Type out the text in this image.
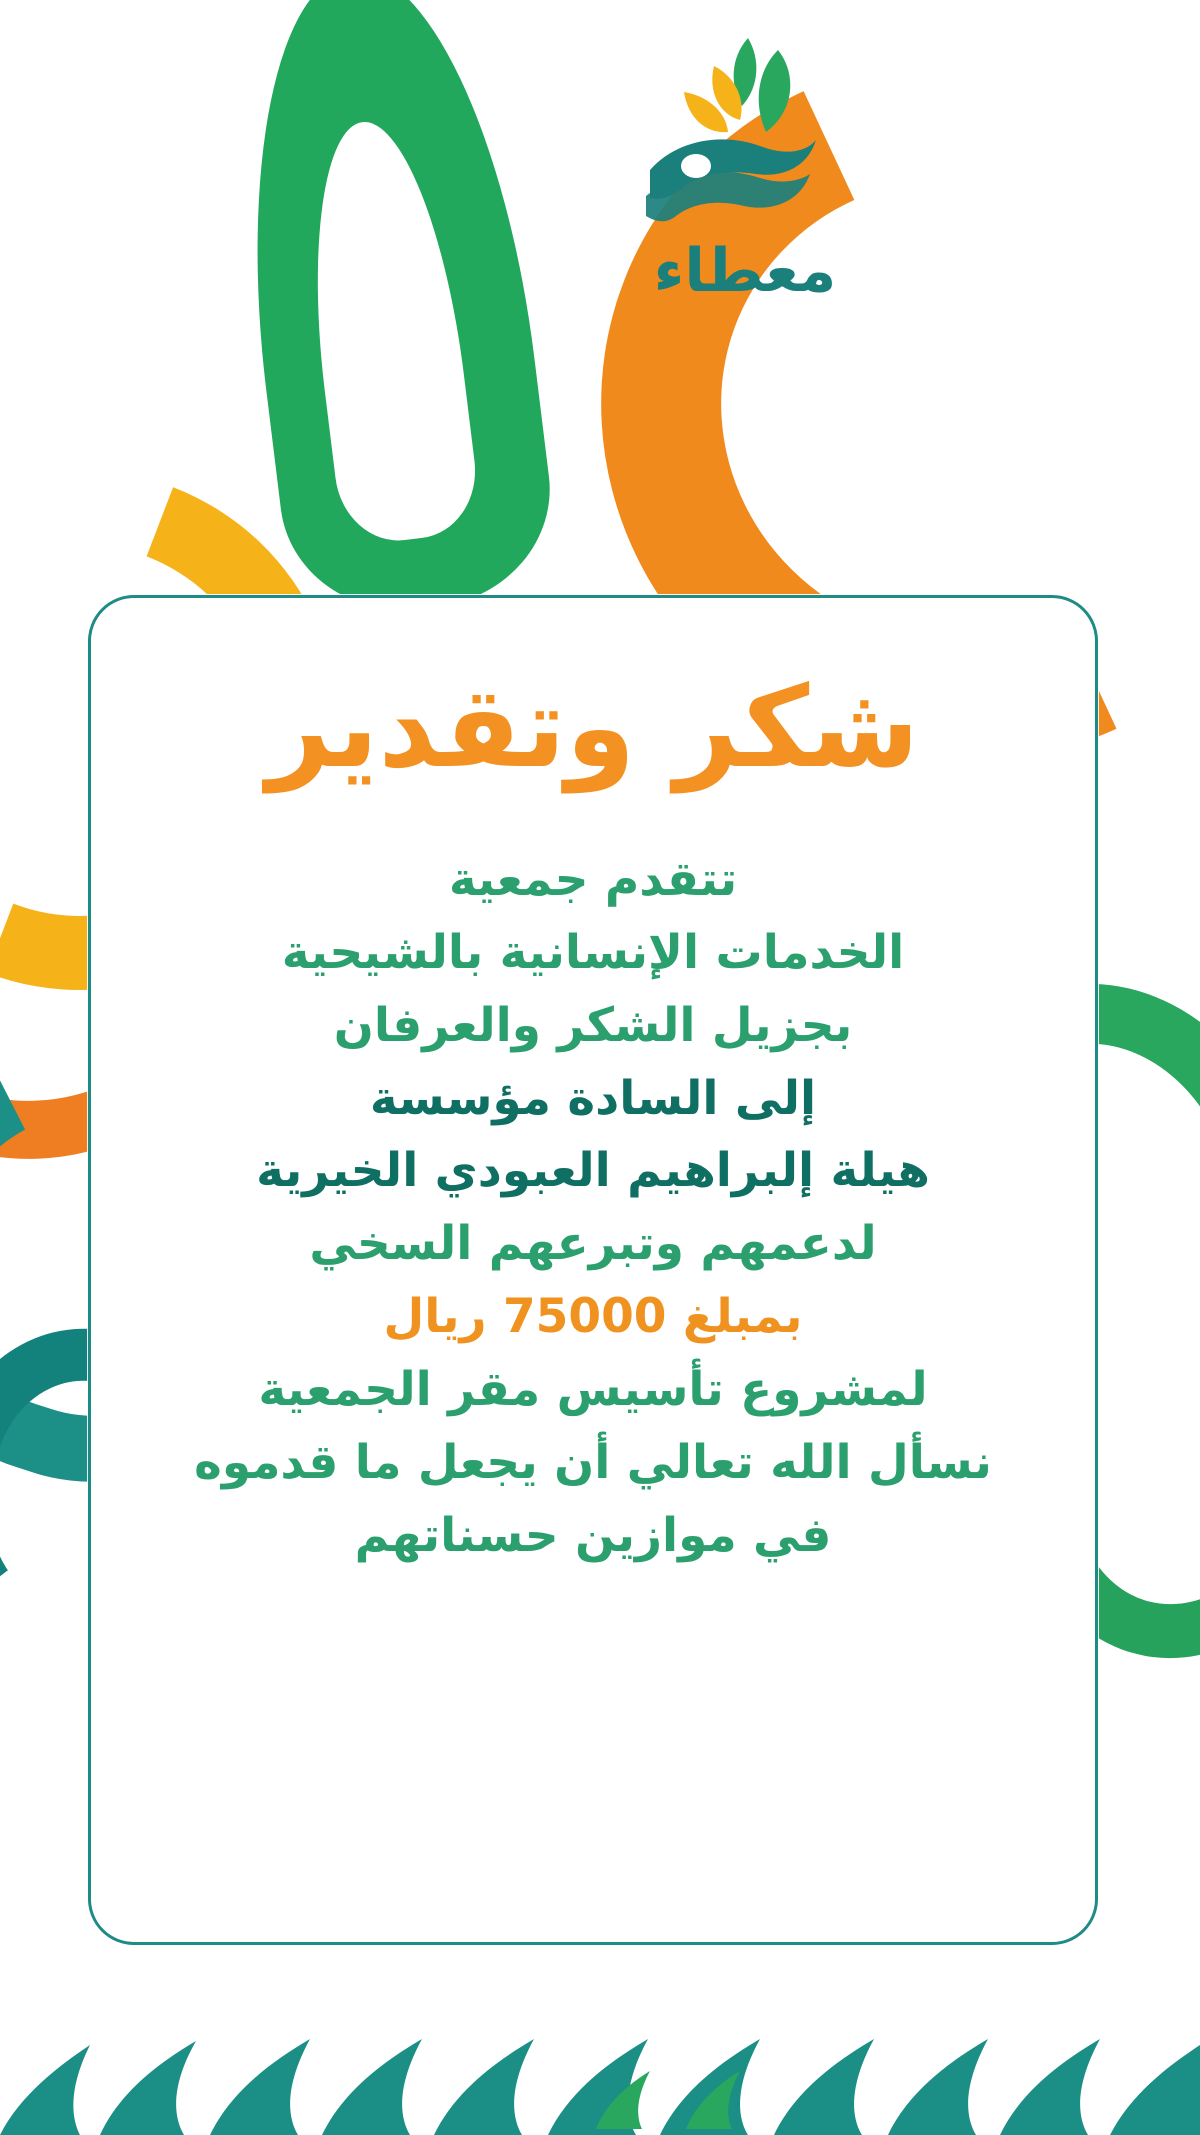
معطاء
شكر وتقدير
تتقدم جمعية
الخدمات الإنسانية بالشيحية
بجزيل الشكر والعرفان
إلى السادة مؤسسة
هيلة إلبراهيم العبودي الخيرية
لدعمهم وتبرعهم السخي
بمبلغ 75000 ريال
لمشروع تأسيس مقر الجمعية
نسأل الله تعالي أن يجعل ما قدموه
في موازين حسناتهم
